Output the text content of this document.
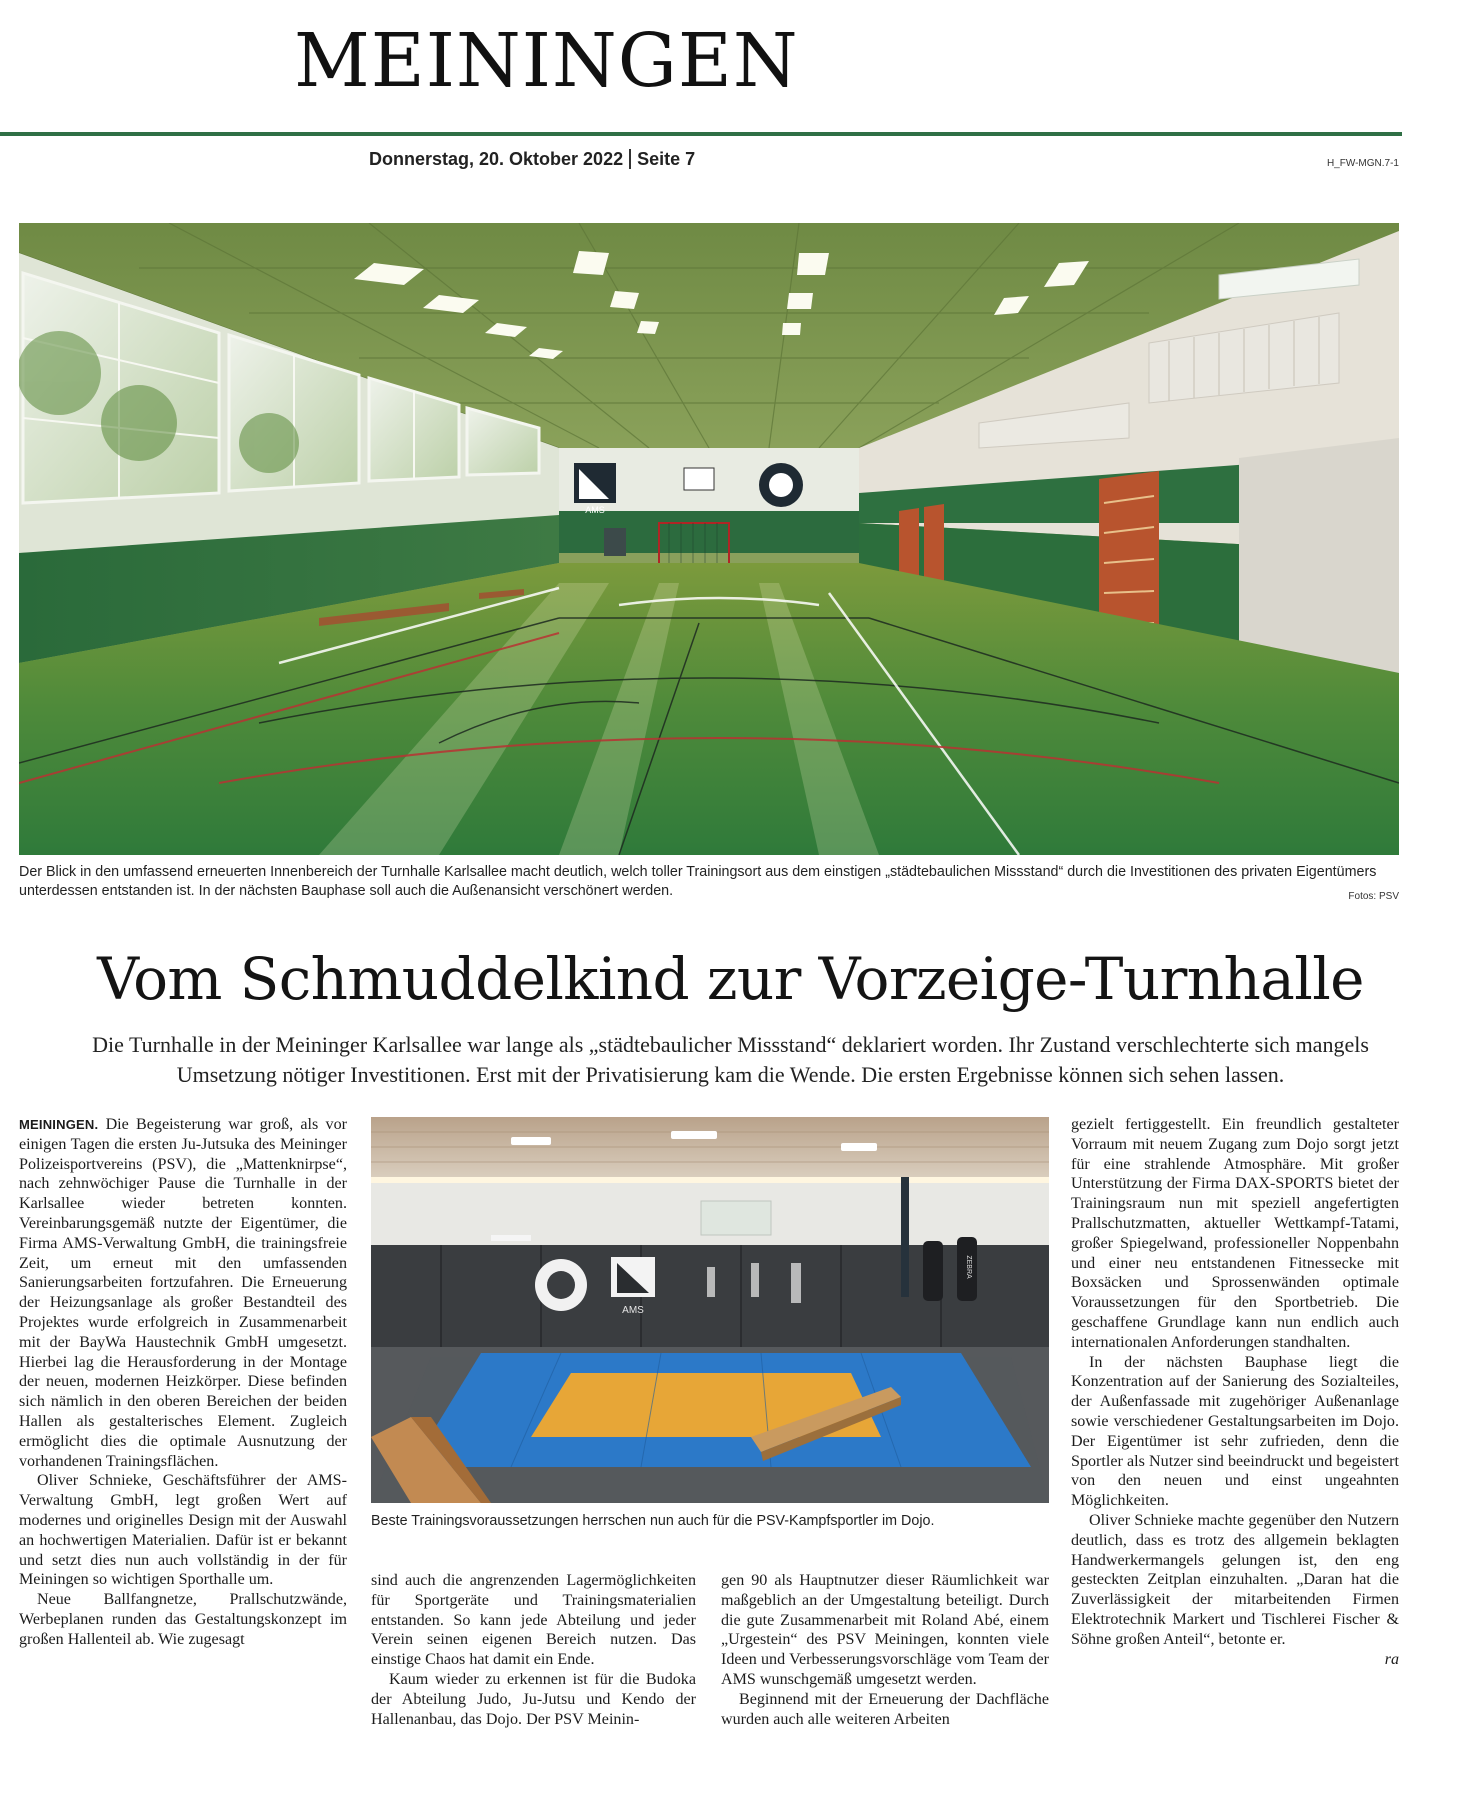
MEININGEN
Donnerstag, 20. Oktober 2022 Seite 7	H_FW-MGN.7-1
AMS
Der Blick in den umfassend erneuerten Innenbereich der Turnhalle Karlsallee macht deutlich, welch toller Trainingsort aus dem einstigen „städtebaulichen Missstand“ durch die Investitionen des privaten Eigentümers unterdessen entstanden ist. In der nächsten Bauphase soll auch die Außenansicht verschönert werden.	Fotos: PSV
Vom Schmuddelkind zur Vorzeige-Turnhalle
Die Turnhalle in der Meininger Karlsallee war lange als „städtebaulicher Missstand“ deklariert worden. Ihr Zustand verschlechterte sich mangels Umsetzung nötiger Investitionen. Erst mit der Privatisierung kam die Wende. Die ersten Ergebnisse können sich sehen lassen.

MEININGEN. Die Begeisterung war groß, als vor einigen Tagen die ersten Ju-Jutsuka des Meininger Polizeisportvereins (PSV), die „Mattenknirpse“, nach zehnwöchiger Pause die Turnhalle in der Karlsallee wieder betreten konnten. Vereinbarungsgemäß nutzte der Eigentümer, die Firma AMS-Verwaltung GmbH, die trainingsfreie Zeit, um erneut mit den umfassenden Sanierungsarbeiten fortzufahren. Die Erneuerung der Heizungsanlage als großer Bestandteil des Projektes wurde erfolgreich in Zusammenarbeit mit der BayWa Haustechnik GmbH umgesetzt. Hierbei lag die Herausforderung in der Montage der neuen, modernen Heizkörper. Diese befinden sich nämlich in den oberen Bereichen der beiden Hallen als gestalterisches Element. Zugleich ermöglicht dies die optimale Ausnutzung der vorhandenen Trainingsflächen.

Oliver Schnieke, Geschäftsführer der AMS-Verwaltung GmbH, legt großen Wert auf modernes und originelles Design mit der Auswahl an hochwertigen Materialien. Dafür ist er bekannt und setzt dies nun auch vollständig in der für Meiningen so wichtigen Sporthalle um.

Neue Ballfangnetze, Prallschutzwände, Werbeplanen runden das Gestaltungskonzept im großen Hallenteil ab. Wie zugesagt

AMS
ZEBRA
Beste Trainingsvoraussetzungen herrschen nun auch für die PSV-Kampfsportler im Dojo.

sind auch die angrenzenden Lagermöglichkeiten für Sportgeräte und Trainingsmaterialien entstanden. So kann jede Abteilung und jeder Verein seinen eigenen Bereich nutzen. Das einstige Chaos hat damit ein Ende.

Kaum wieder zu erkennen ist für die Budoka der Abteilung Judo, Ju-Jutsu und Kendo der Hallenanbau, das Dojo. Der PSV Meinin-

gen 90 als Hauptnutzer dieser Räumlichkeit war maßgeblich an der Umgestaltung beteiligt. Durch die gute Zusammenarbeit mit Roland Abé, einem „Urgestein“ des PSV Meiningen, konnten viele Ideen und Verbesserungsvorschläge vom Team der AMS wunschgemäß umgesetzt werden.

Beginnend mit der Erneuerung der Dachfläche wurden auch alle weiteren Arbeiten

gezielt fertiggestellt. Ein freundlich gestalteter Vorraum mit neuem Zugang zum Dojo sorgt jetzt für eine strahlende Atmosphäre. Mit großer Unterstützung der Firma DAX-SPORTS bietet der Trainingsraum nun mit speziell angefertigten Prallschutzmatten, aktueller Wettkampf-Tatami, großer Spiegelwand, professioneller Noppenbahn und einer neu entstandenen Fitnessecke mit Boxsäcken und Sprossenwänden optimale Voraussetzungen für den Sportbetrieb. Die geschaffene Grundlage kann nun endlich auch internationalen Anforderungen standhalten.

In der nächsten Bauphase liegt die Konzentration auf der Sanierung des Sozialteiles, der Außenfassade mit zugehöriger Außenanlage sowie verschiedener Gestaltungsarbeiten im Dojo. Der Eigentümer ist sehr zufrieden, denn die Sportler als Nutzer sind beeindruckt und begeistert von den neuen und einst ungeahnten Möglichkeiten.

Oliver Schnieke machte gegenüber den Nutzern deutlich, dass es trotz des allgemein beklagten Handwerkermangels gelungen ist, den eng gesteckten Zeitplan einzuhalten. „Daran hat die Zuverlässigkeit der mitarbeitenden Firmen Elektrotechnik Markert und Tischlerei Fischer & Söhne großen Anteil“, betonte er.

ra
